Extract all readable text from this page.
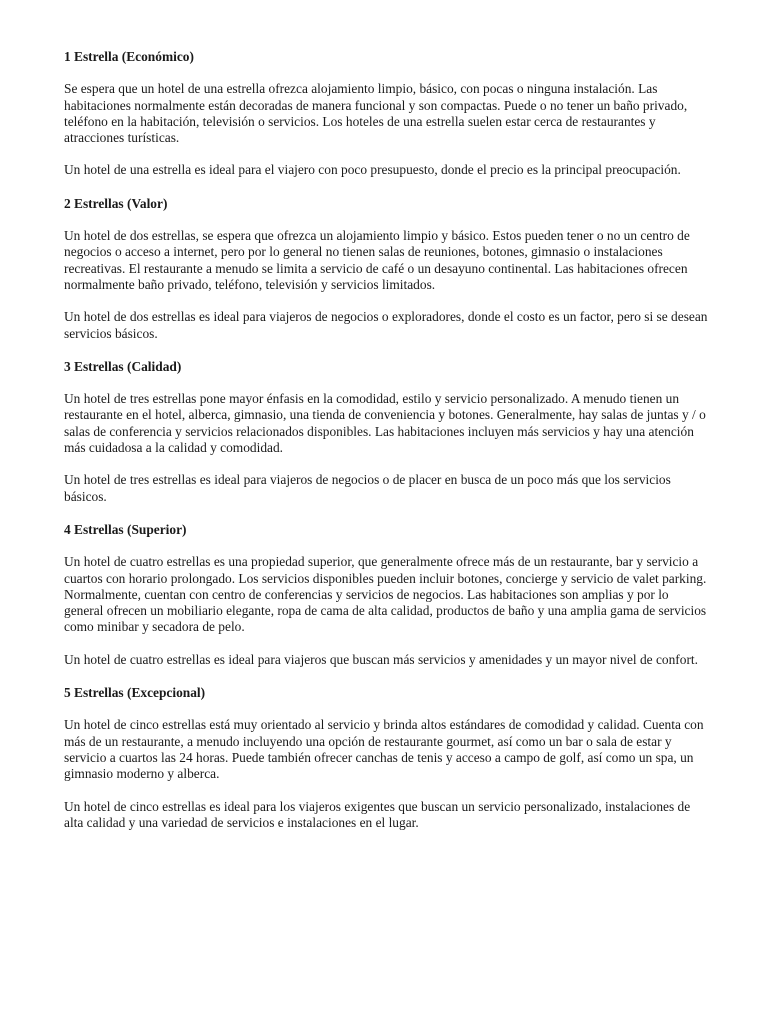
1 Estrella (Económico)

Se espera que un hotel de una estrella ofrezca alojamiento limpio, básico, con pocas o ninguna instalación. Las habitaciones normalmente están decoradas de manera funcional y son compactas. Puede o no tener un baño privado, teléfono en la habitación, televisión o servicios. Los hoteles de una estrella suelen estar cerca de restaurantes y atracciones turísticas.

Un hotel de una estrella es ideal para el viajero con poco presupuesto, donde el precio es la principal preocupación.

2 Estrellas (Valor)

Un hotel de dos estrellas, se espera que ofrezca un alojamiento limpio y básico. Estos pueden tener o no un centro de negocios o acceso a internet, pero por lo general no tienen salas de reuniones, botones, gimnasio o instalaciones recreativas. El restaurante a menudo se limita a servicio de café o un desayuno continental. Las habitaciones ofrecen normalmente baño privado, teléfono, televisión y servicios limitados.

Un hotel de dos estrellas es ideal para viajeros de negocios o exploradores, donde el costo es un factor, pero si se desean servicios básicos.

3 Estrellas (Calidad)

Un hotel de tres estrellas pone mayor énfasis en la comodidad, estilo y servicio personalizado. A menudo tienen un restaurante en el hotel, alberca, gimnasio, una tienda de conveniencia y botones. Generalmente, hay salas de juntas y / o salas de conferencia y servicios relacionados disponibles. Las habitaciones incluyen más servicios y hay una atención más cuidadosa a la calidad y comodidad.

Un hotel de tres estrellas es ideal para viajeros de negocios o de placer en busca de un poco más que los servicios básicos.

4 Estrellas (Superior)

Un hotel de cuatro estrellas es una propiedad superior, que generalmente ofrece más de un restaurante, bar y servicio a cuartos con horario prolongado. Los servicios disponibles pueden incluir botones, concierge y servicio de valet parking. Normalmente, cuentan con centro de conferencias y servicios de negocios. Las habitaciones son amplias y por lo general ofrecen un mobiliario elegante, ropa de cama de alta calidad, productos de baño y una amplia gama de servicios como minibar y secadora de pelo.

Un hotel de cuatro estrellas es ideal para viajeros que buscan más servicios y amenidades y un mayor nivel de confort.

5 Estrellas (Excepcional)

Un hotel de cinco estrellas está muy orientado al servicio y brinda altos estándares de comodidad y calidad. Cuenta con más de un restaurante, a menudo incluyendo una opción de restaurante gourmet, así como un bar o sala de estar y servicio a cuartos las 24 horas. Puede también ofrecer canchas de tenis y acceso a campo de golf, así como un spa, un gimnasio moderno y alberca.

Un hotel de cinco estrellas es ideal para los viajeros exigentes que buscan un servicio personalizado, instalaciones de alta calidad y una variedad de servicios e instalaciones en el lugar.
